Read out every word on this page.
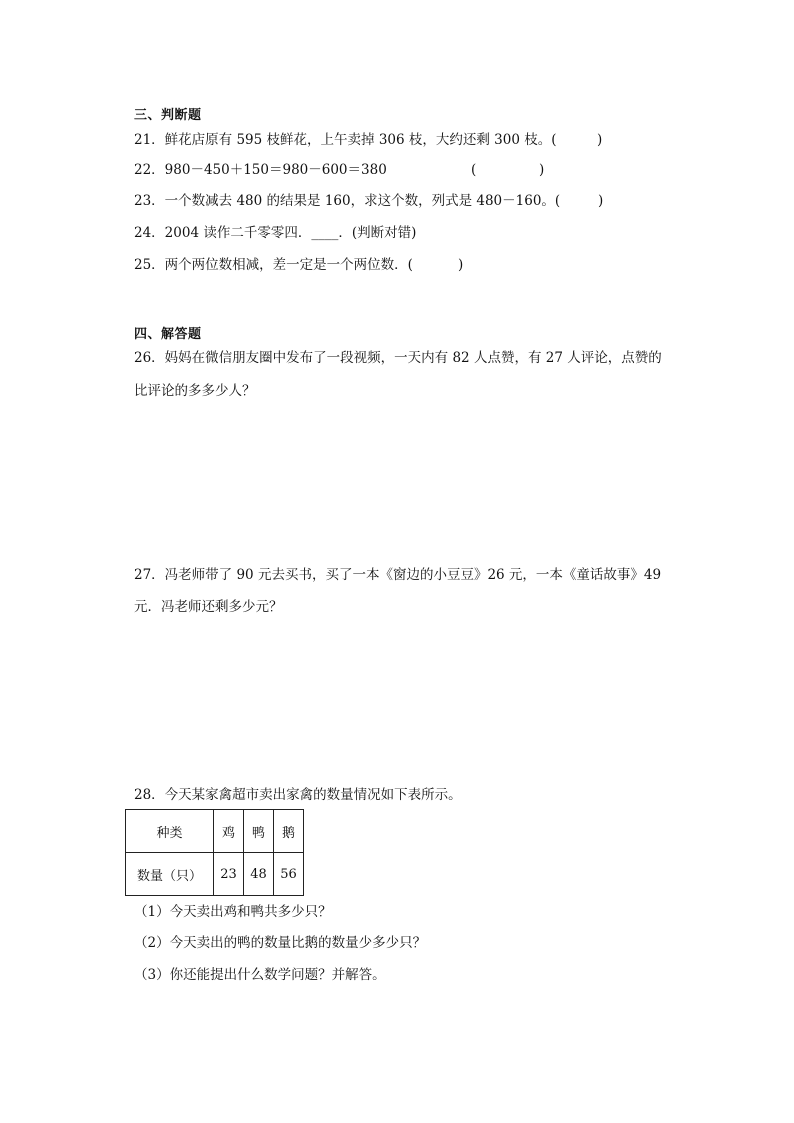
三、判断题
21．鲜花店原有 595 枝鲜花，上午卖掉 306 枝，大约还剩 300 枝。(	)
22．980－450＋150＝980－600＝380	(	)
23．一个数减去 480 的结果是 160，求这个数，列式是 480－160。(	)
24．2004 读作二千零零四．____．(判断对错)
25．两个两位数相减，差一定是一个两位数．(	)
四、解答题
26．妈妈在微信朋友圈中发布了一段视频，一天内有 82 人点赞，有 27 人评论，点赞的
比评论的多多少人？
27．冯老师带了 90 元去买书，买了一本《窗边的小豆豆》26 元，一本《童话故事》49
元．冯老师还剩多少元？
28．今天某家禽超市卖出家禽的数量情况如下表所示。
种类	鸡	鸭	鹅
数量（只）	23	48	56
（1）今天卖出鸡和鸭共多少只？
（2）今天卖出的鸭的数量比鹅的数量少多少只？
（3）你还能提出什么数学问题？并解答。
